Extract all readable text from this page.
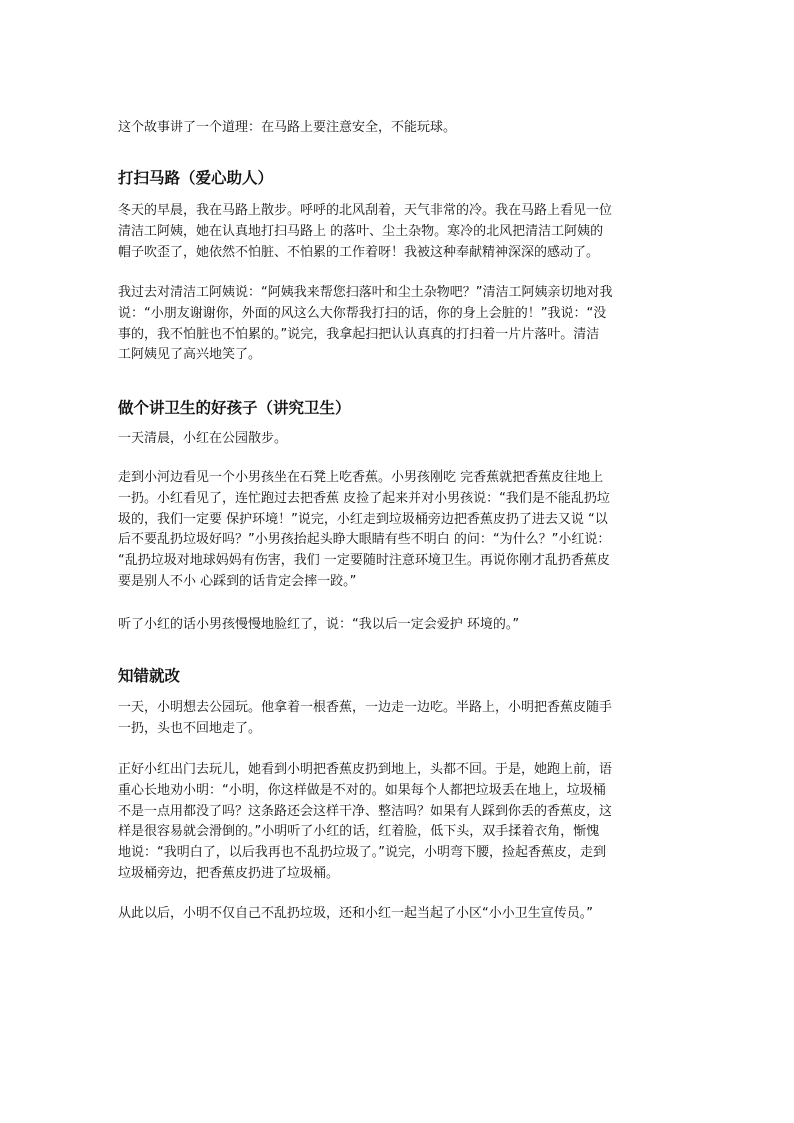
这个故事讲了一个道理：在马路上要注意安全，不能玩球。

打扫马路（爱心助人）

冬天的早晨，我在马路上散步。呼呼的北风刮着，天气非常的冷。我在马路上看见一位
清洁工阿姨，她在认真地打扫马路上 的落叶、尘土杂物。寒冷的北风把清洁工阿姨的
帽子吹歪了，她依然不怕脏、不怕累的工作着呀！我被这种奉献精神深深的感动了。

我过去对清洁工阿姨说：“阿姨我来帮您扫落叶和尘土杂物吧？”清洁工阿姨亲切地对我
说：“小朋友谢谢你，外面的风这么大你帮我打扫的话，你的身上会脏的！”我说：“没
事的，我不怕脏也不怕累的。”说完，我拿起扫把认认真真的打扫着一片片落叶。清洁
工阿姨见了高兴地笑了。

做个讲卫生的好孩子（讲究卫生）

一天清晨，小红在公园散步。

走到小河边看见一个小男孩坐在石凳上吃香蕉。小男孩刚吃 完香蕉就把香蕉皮往地上
一扔。小红看见了，连忙跑过去把香蕉 皮捡了起来并对小男孩说：“我们是不能乱扔垃
圾的，我们一定要 保护环境！”说完，小红走到垃圾桶旁边把香蕉皮扔了进去又说 “以
后不要乱扔垃圾好吗？”小男孩抬起头睁大眼睛有些不明白 的问：“为什么？”小红说：
“乱扔垃圾对地球妈妈有伤害，我们 一定要随时注意环境卫生。再说你刚才乱扔香蕉皮
要是别人不小 心踩到的话肯定会摔一跤。”

听了小红的话小男孩慢慢地脸红了，说：“我以后一定会爱护 环境的。”

知错就改

一天，小明想去公园玩。他拿着一根香蕉，一边走一边吃。半路上，小明把香蕉皮随手
一扔，头也不回地走了。

正好小红出门去玩儿，她看到小明把香蕉皮扔到地上，头都不回。于是，她跑上前，语
重心长地劝小明：“小明，你这样做是不对的。如果每个人都把垃圾丢在地上，垃圾桶
不是一点用都没了吗？这条路还会这样干净、整洁吗？如果有人踩到你丢的香蕉皮，这
样是很容易就会滑倒的。”小明听了小红的话，红着脸，低下头，双手揉着衣角，惭愧
地说：“我明白了，以后我再也不乱扔垃圾了。”说完，小明弯下腰，捡起香蕉皮，走到
垃圾桶旁边，把香蕉皮扔进了垃圾桶。

从此以后，小明不仅自己不乱扔垃圾，还和小红一起当起了小区“小小卫生宣传员。”
